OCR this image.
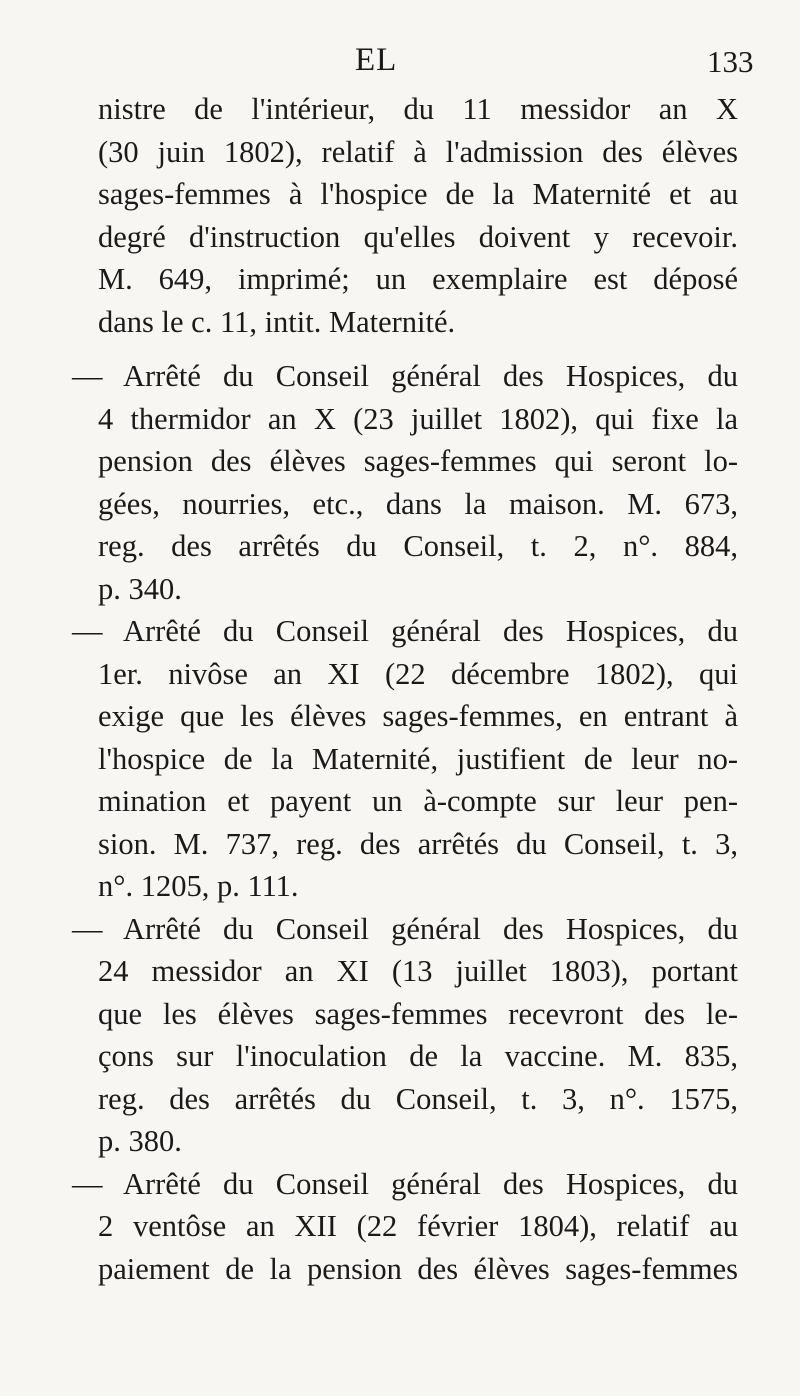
EL	133
nistre de l'intérieur, du 11 messidor an X
(30 juin 1802), relatif à l'admission des élèves
sages-femmes à l'hospice de la Maternité et au
degré d'instruction qu'elles doivent y recevoir.
M. 649, imprimé; un exemplaire est déposé
dans le c. 11, intit. Maternité.
— Arrêté du Conseil général des Hospices, du
4 thermidor an X (23 juillet 1802), qui fixe la
pension des élèves sages-femmes qui seront lo-
gées, nourries, etc., dans la maison. M. 673,
reg. des arrêtés du Conseil, t. 2, n°. 884,
p. 340.
— Arrêté du Conseil général des Hospices, du
1er. nivôse an XI (22 décembre 1802), qui
exige que les élèves sages-femmes, en entrant à
l'hospice de la Maternité, justifient de leur no-
mination et payent un à-compte sur leur pen-
sion. M. 737, reg. des arrêtés du Conseil, t. 3,
n°. 1205, p. 111.
— Arrêté du Conseil général des Hospices, du
24 messidor an XI (13 juillet 1803), portant
que les élèves sages-femmes recevront des le-
çons sur l'inoculation de la vaccine. M. 835,
reg. des arrêtés du Conseil, t. 3, n°. 1575,
p. 380.
— Arrêté du Conseil général des Hospices, du
2 ventôse an XII (22 février 1804), relatif au
paiement de la pension des élèves sages-femmes
